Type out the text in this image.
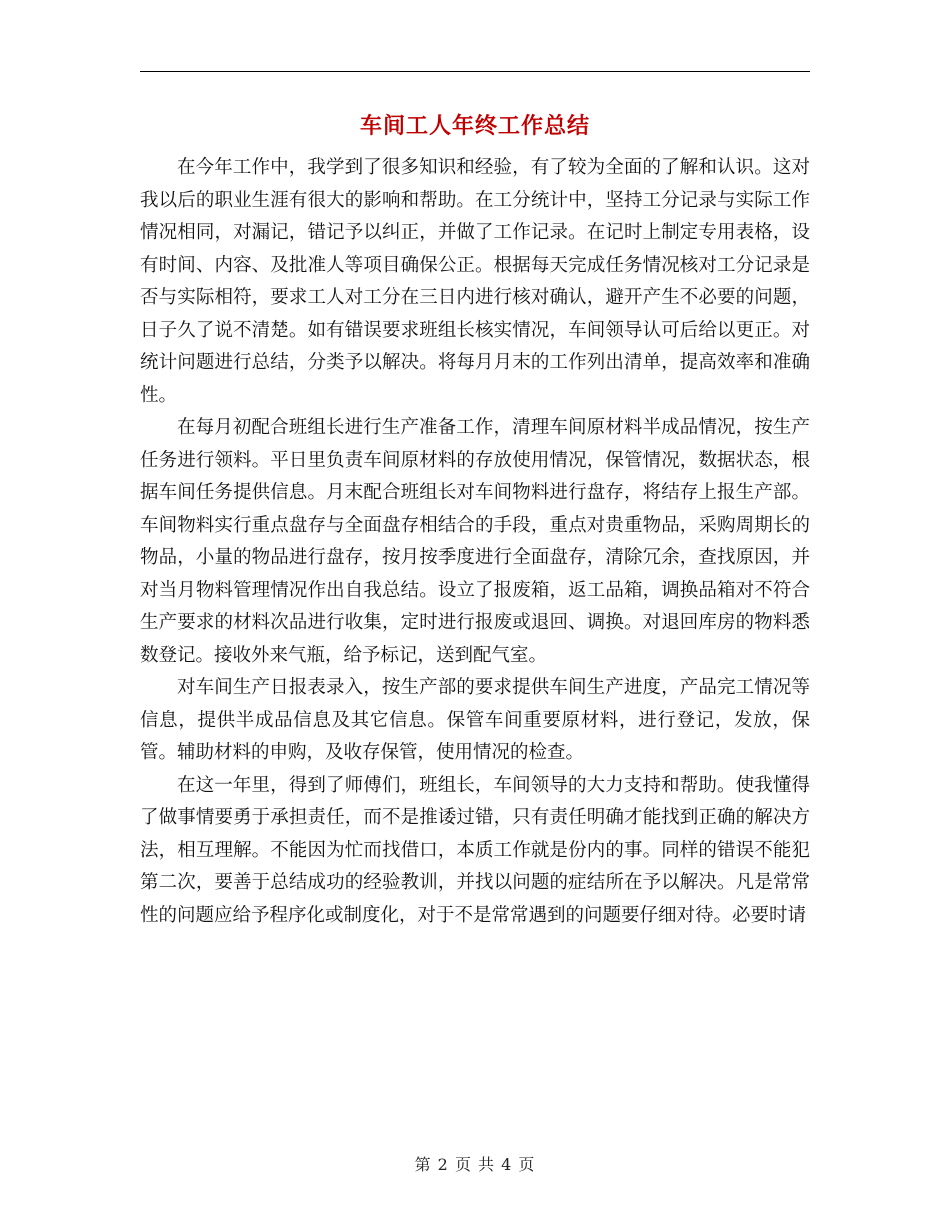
车间工人年终工作总结

在今年工作中，我学到了很多知识和经验，有了较为全面的了解和认识。这对我以后的职业生涯有很大的影响和帮助。在工分统计中，坚持工分记录与实际工作情况相同，对漏记，错记予以纠正，并做了工作记录。在记时上制定专用表格，设有时间、内容、及批准人等项目确保公正。根据每天完成任务情况核对工分记录是否与实际相符，要求工人对工分在三日内进行核对确认，避开产生不必要的问题，日子久了说不清楚。如有错误要求班组长核实情况，车间领导认可后给以更正。对统计问题进行总结，分类予以解决。将每月月末的工作列出清单，提高效率和准确性。

在每月初配合班组长进行生产准备工作，清理车间原材料半成品情况，按生产任务进行领料。平日里负责车间原材料的存放使用情况，保管情况，数据状态，根据车间任务提供信息。月末配合班组长对车间物料进行盘存，将结存上报生产部。车间物料实行重点盘存与全面盘存相结合的手段，重点对贵重物品，采购周期长的物品，小量的物品进行盘存，按月按季度进行全面盘存，清除冗余，查找原因，并对当月物料管理情况作出自我总结。设立了报废箱，返工品箱，调换品箱对不符合生产要求的材料次品进行收集，定时进行报废或退回、调换。对退回库房的物料悉数登记。接收外来气瓶，给予标记，送到配气室。

对车间生产日报表录入，按生产部的要求提供车间生产进度，产品完工情况等信息，提供半成品信息及其它信息。保管车间重要原材料，进行登记，发放，保管。辅助材料的申购，及收存保管，使用情况的检查。

在这一年里，得到了师傅们，班组长，车间领导的大力支持和帮助。使我懂得了做事情要勇于承担责任，而不是推诿过错，只有责任明确才能找到正确的解决方法，相互理解。不能因为忙而找借口，本质工作就是份内的事。同样的错误不能犯第二次，要善于总结成功的经验教训，并找以问题的症结所在予以解决。凡是常常性的问题应给予程序化或制度化，对于不是常常遇到的问题要仔细对待。必要时请

第 2 页 共 4 页
